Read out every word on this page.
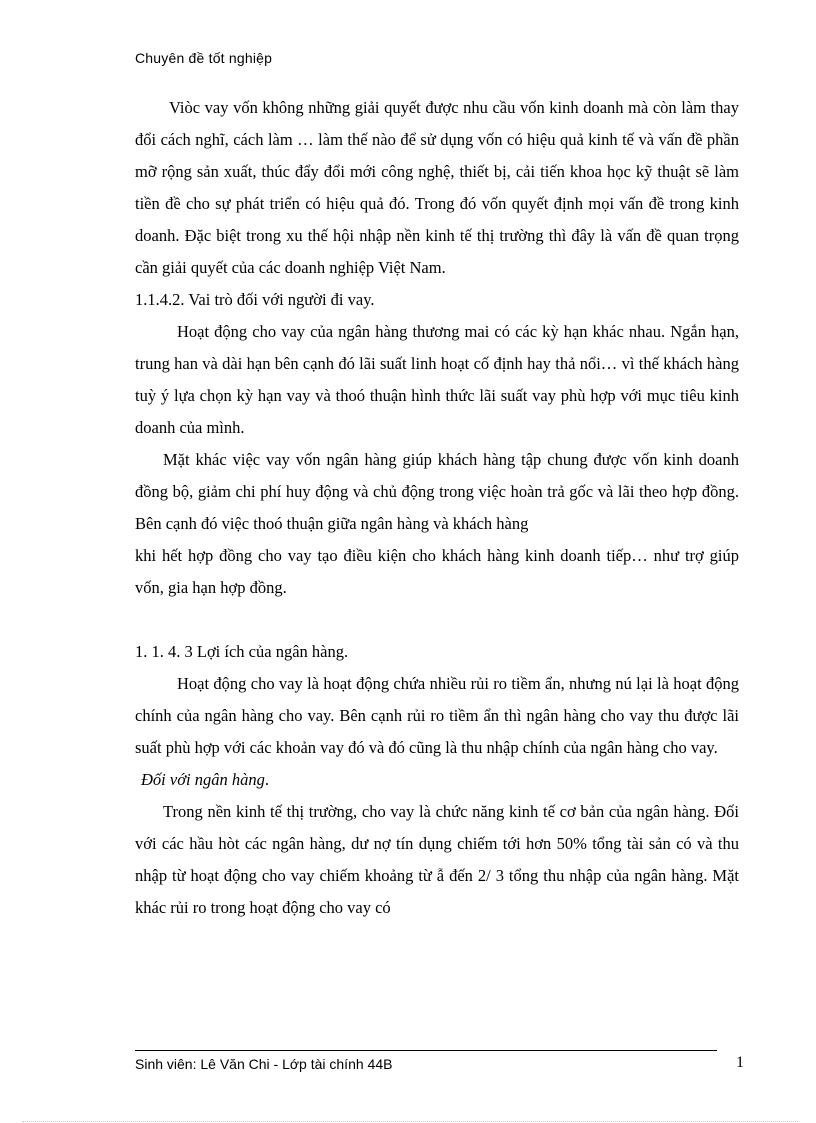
Chuyên đề tốt nghiệp

Viòc vay vốn không những giải quyết được nhu cầu vốn kinh doanh mà còn làm thay đổi cách nghĩ, cách làm … làm thế nào để sử dụng vốn có hiệu quả kinh tế và vấn đề phần mỡ rộng sản xuất, thúc đẩy đổi mới công nghệ, thiết bị, cải tiến khoa học kỹ thuật sẽ làm tiền đề cho sự phát triển có hiệu quả đó. Trong đó vốn quyết định mọi vấn đề trong kinh doanh. Đặc biệt trong xu thế hội nhập nền kinh tế thị trường thì đây là vấn đề quan trọng cần giải quyết của các doanh nghiệp Việt Nam.

1.1.4.2. Vai trò đối với người đi vay.

Hoạt động cho vay của ngân hàng thương mai có các kỳ hạn khác nhau. Ngắn hạn, trung han và dài hạn bên cạnh đó lãi suất linh hoạt cố định hay thả nổi… vì thế khách hàng tuỳ ý lựa chọn kỳ hạn vay và thoó thuận hình thức lãi suất vay phù hợp với mục tiêu kinh doanh của mình.

Mặt khác việc vay vốn ngân hàng giúp khách hàng tập chung được vốn kinh doanh đồng bộ, giảm chi phí huy động và chủ động trong việc hoàn trả gốc và lãi theo hợp đồng. Bên cạnh đó việc thoó thuận giữa ngân hàng và khách hàng

khi hết hợp đồng cho vay tạo điều kiện cho khách hàng kinh doanh tiếp… như trợ giúp vốn, gia hạn hợp đồng.

1. 1. 4. 3 Lợi ích của ngân hàng.

Hoạt động cho vay là hoạt động chứa nhiều rủi ro tiềm ẩn, nhưng nú lại là hoạt động chính của ngân hàng cho vay. Bên cạnh rủi ro tiềm ẩn thì ngân hàng cho vay thu được lãi suất phù hợp với các khoản vay đó và đó cũng là thu nhập chính của ngân hàng cho vay.

Đối với ngân hàng.

Trong nền kinh tế thị trường, cho vay là chức năng kinh tế cơ bản của ngân hàng. Đối với các hầu hòt các ngân hàng, dư nợ tín dụng chiếm tới hơn 50% tổng tài sản có và thu nhập từ hoạt động cho vay chiếm khoảng từ ẫ đến 2/ 3 tổng thu nhập của ngân hàng. Mặt khác rủi ro trong hoạt động cho vay có

Sinh viên: Lê Văn Chi - Lớp tài chính 44B	1
